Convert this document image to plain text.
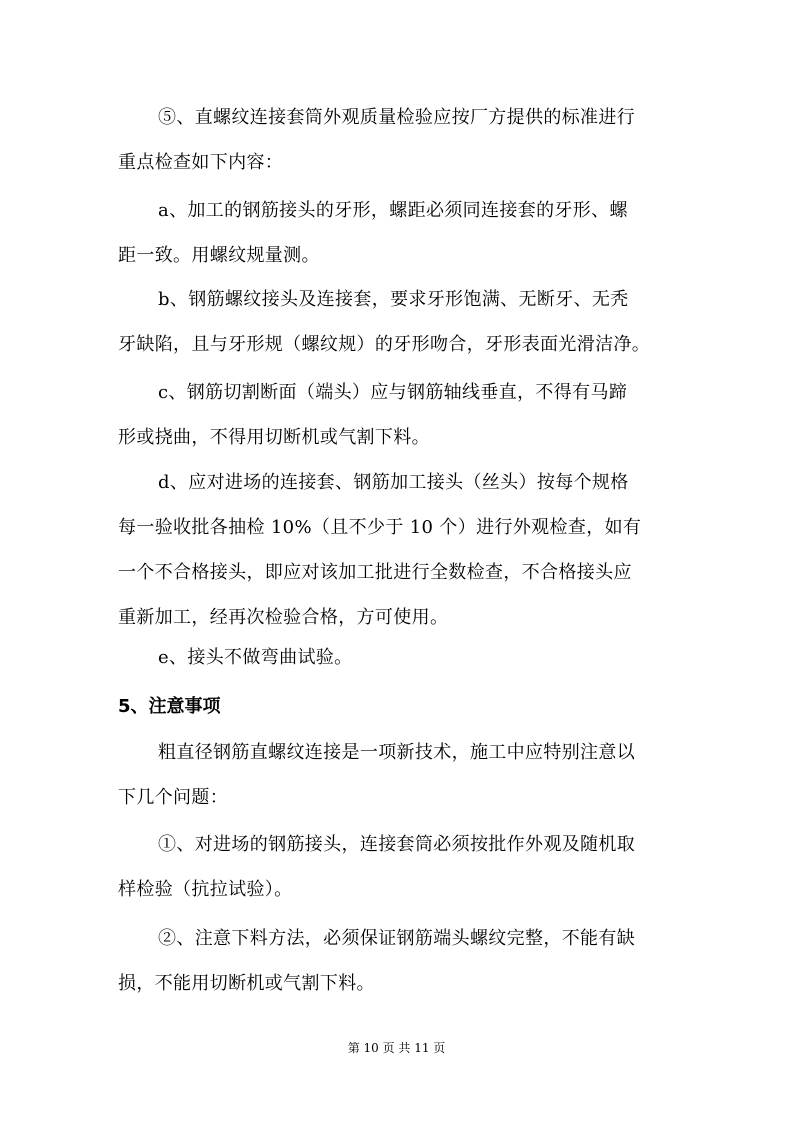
⑤、直螺纹连接套筒外观质量检验应按厂方提供的标准进行
重点检查如下内容：
a、加工的钢筋接头的牙形，螺距必须同连接套的牙形、螺
距一致。用螺纹规量测。
b、钢筋螺纹接头及连接套，要求牙形饱满、无断牙、无秃
牙缺陷，且与牙形规（螺纹规）的牙形吻合，牙形表面光滑洁净。
c、钢筋切割断面（端头）应与钢筋轴线垂直，不得有马蹄
形或挠曲，不得用切断机或气割下料。
d、应对进场的连接套、钢筋加工接头（丝头）按每个规格
每一验收批各抽检 10%（且不少于 10 个）进行外观检查，如有
一个不合格接头，即应对该加工批进行全数检查，不合格接头应
重新加工，经再次检验合格，方可使用。
e、接头不做弯曲试验。
5、注意事项
粗直径钢筋直螺纹连接是一项新技术，施工中应特别注意以
下几个问题：
①、对进场的钢筋接头，连接套筒必须按批作外观及随机取
样检验（抗拉试验）。
②、注意下料方法，必须保证钢筋端头螺纹完整，不能有缺
损，不能用切断机或气割下料。
第 10 页 共 11 页
